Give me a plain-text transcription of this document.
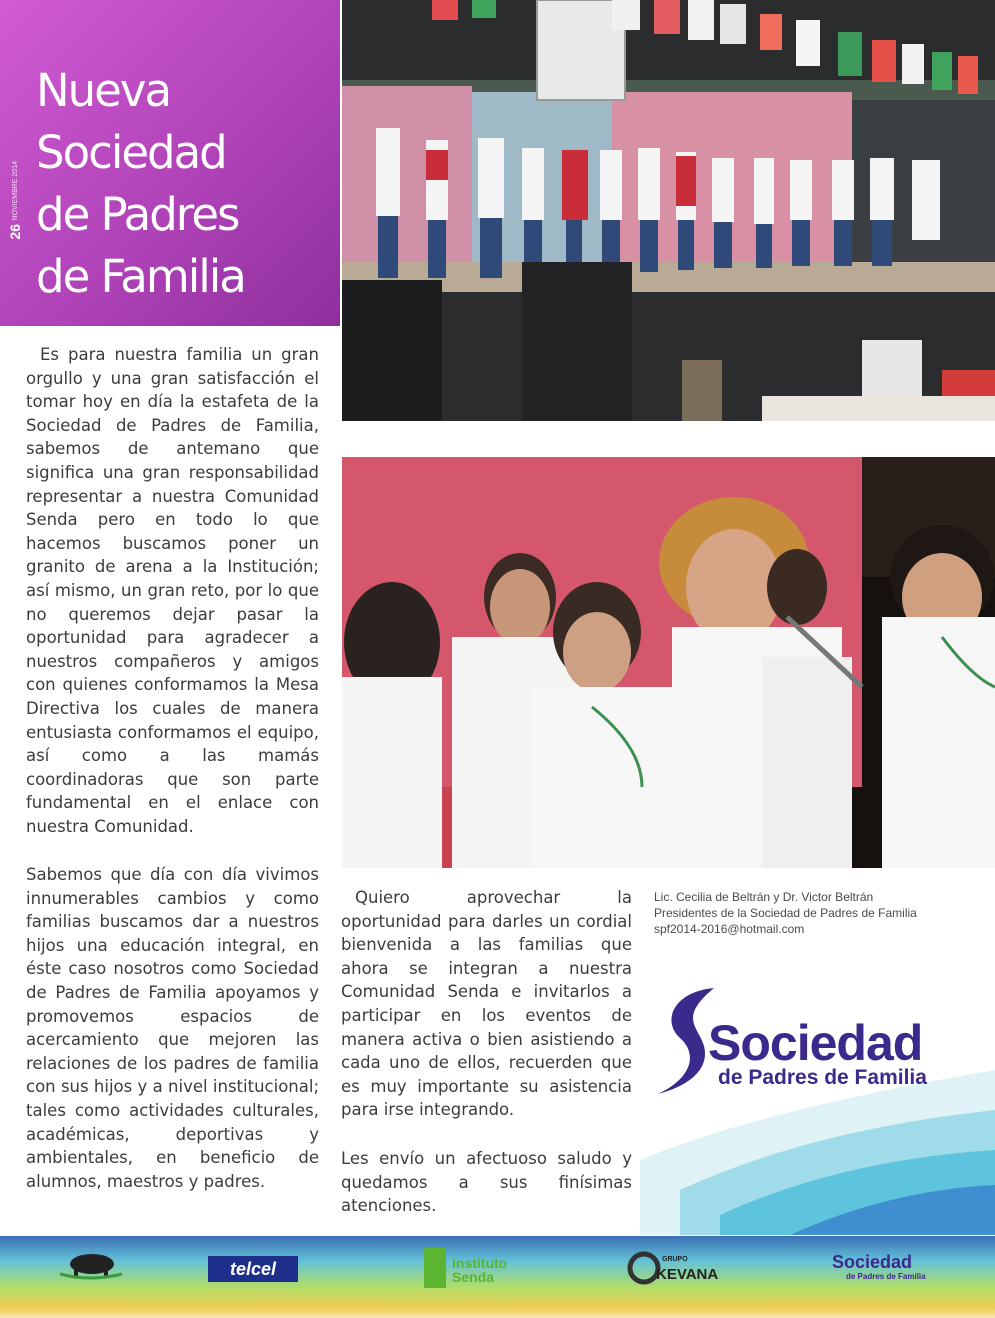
26
NOVIEMBRE 2014
Nueva
Sociedad
de Padres
de Familia

Es para nuestra familia un gran orgullo y una gran satisfacción el tomar hoy en día la estafeta de la Sociedad de Padres de Familia, sabemos de antemano que significa una gran responsabilidad representar a nuestra Comunidad Senda pero en todo lo que hacemos buscamos poner un granito de arena a la Institución; así mismo, un gran reto, por lo que no queremos dejar pasar la oportunidad para agradecer a nuestros compañeros y amigos con quienes conformamos la Mesa Directiva los cuales de manera entusiasta conformamos el equipo, así como a las mamás coordinadoras que son parte fundamental en el enlace con nuestra Comunidad.

Sabemos que día con día vivimos innumerables cambios y como familias buscamos dar a nuestros hijos una educación integral, en éste caso nosotros como Sociedad de Padres de Familia apoyamos y promovemos espacios de acercamiento que mejoren las relaciones de los padres de familia con sus hijos y a nivel institucional; tales como actividades culturales, académicas, deportivas y ambientales, en beneficio de alumnos, maestros y padres.

Quiero aprovechar la oportunidad para darles un cordial bienvenida a las familias que ahora se integran a nuestra Comunidad Senda e invitarlos a participar en los eventos de manera activa o bien asistiendo a cada uno de ellos, recuerden que es muy importante su asistencia para irse integrando.

Les envío un afectuoso saludo y quedamos a sus finísimas atenciones.

Lic. Cecilia de Beltrán y Dr. Victor Beltrán
Presidentes de la Sociedad de Padres de Familia
spf2014-2016@hotmail.com
Sociedad
de Padres de Familia
telcel	Instituto
Senda
GRUPO
KEVANA
Sociedad
de Padres de Familia
